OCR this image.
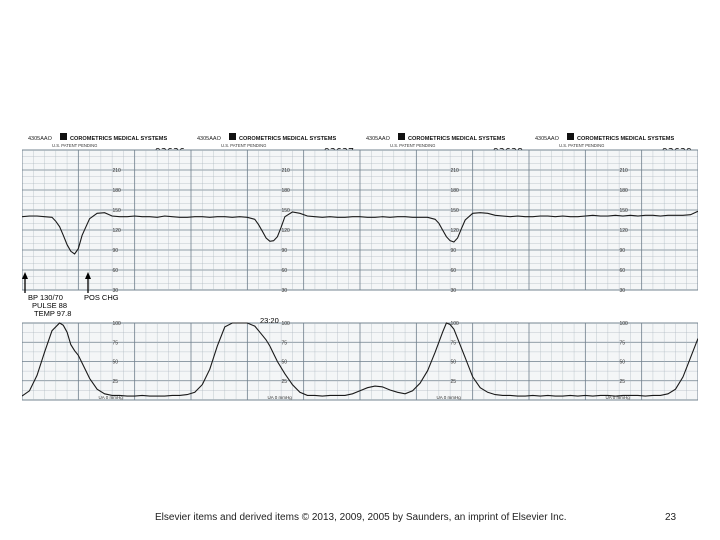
4305AAO	COROMETRICS MEDICAL SYSTEMS
U.S. PATENT PENDING
4305AAO	COROMETRICS MEDICAL SYSTEMS
U.S. PATENT PENDING
4305AAO	COROMETRICS MEDICAL SYSTEMS
U.S. PATENT PENDING
4305AAO	COROMETRICS MEDICAL SYSTEMS
U.S. PATENT PENDING
210
180
150
120
90
60
30
100
75
50
25
UA 0 mmHg
210
180
150
120
90
60
30
100
75
50
25
UA 0 mmHg
210
180
150
120
90
60
30
100
75
50
25
UA 0 mmHg
210
180
150
120
90
60
30
100
75
50
25
UA 0 mmHg
BP 130/70	POS CHG
PULSE 88
TEMP 97.8
23:20
Elsevier items and derived items © 2013, 2009, 2005 by Saunders, an imprint of Elsevier Inc.	23
